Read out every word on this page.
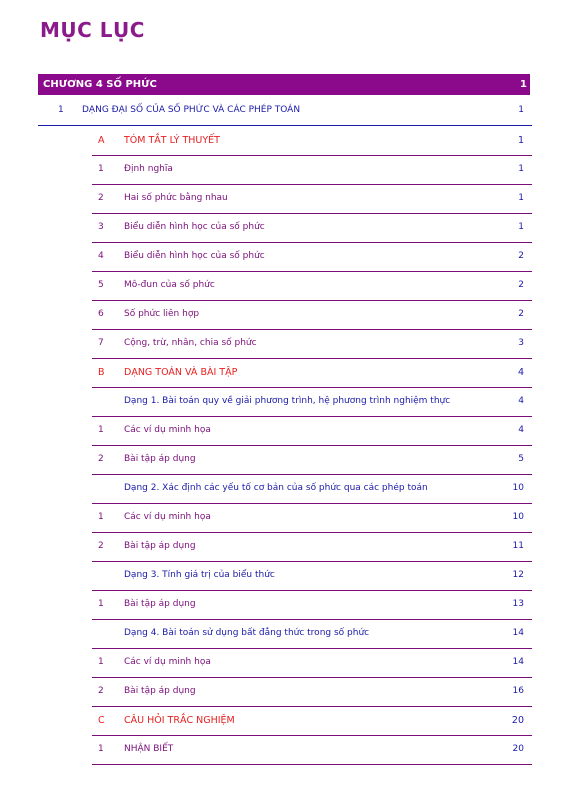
MỤC LỤC
CHƯƠNG 4 SỐ PHỨC	1
1 DẠNG ĐẠI SỐ CỦA SỐ PHỨC VÀ CÁC PHÉP TOÁN	1
A TÓM TẮT LÝ THUYẾT	1
1 Định nghĩa	1
2 Hai số phức bằng nhau	1
3 Biểu diễn hình học của số phức	1
4 Biểu diễn hình học của số phức	2
5 Mô-đun của số phức	2
6 Số phức liên hợp	2
7 Cộng, trừ, nhân, chia số phức	3
B DẠNG TOÁN VÀ BÀI TẬP	4
Dạng 1. Bài toán quy về giải phương trình, hệ phương trình nghiệm thực	4
1 Các ví dụ minh họa	4
2 Bài tập áp dụng	5
Dạng 2. Xác định các yếu tố cơ bản của số phức qua các phép toán	10
1 Các ví dụ minh họa	10
2 Bài tập áp dụng	11
Dạng 3. Tính giá trị của biểu thức	12
1 Bài tập áp dụng	13
Dạng 4. Bài toán sử dụng bất đẳng thức trong số phức	14
1 Các ví dụ minh họa	14
2 Bài tập áp dụng	16
C CÂU HỎI TRẮC NGHIỆM	20
1 NHẬN BIẾT	20
